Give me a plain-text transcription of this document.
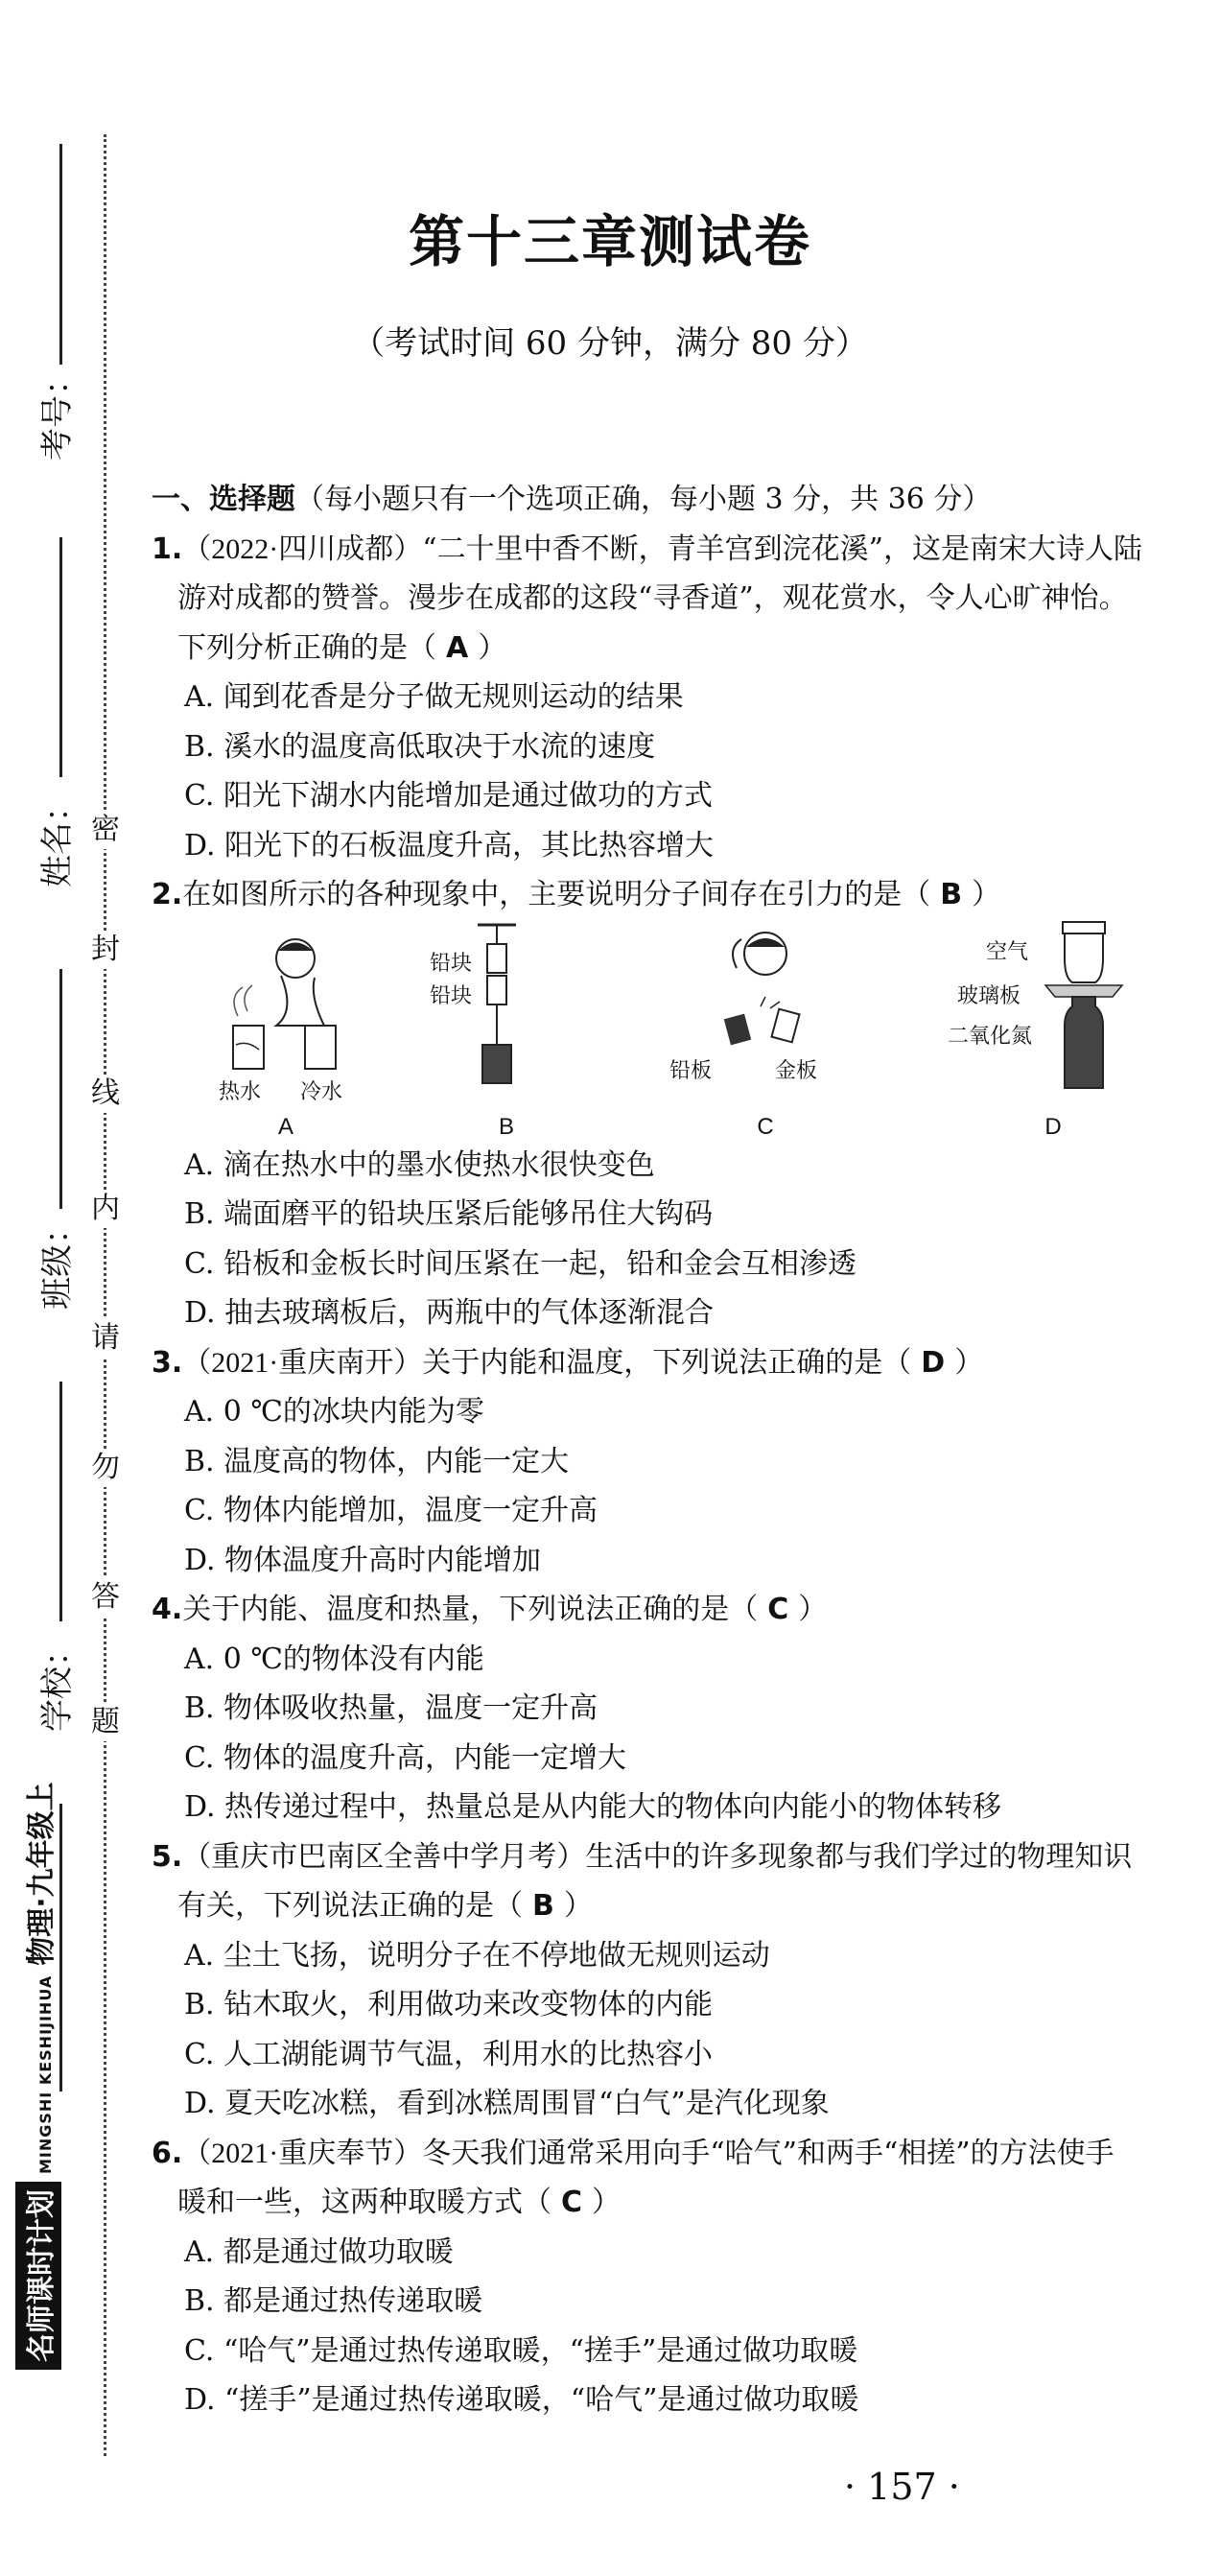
考号：
姓名：
班级：
学校：
密
封
线
内
请
勿
答
题
名师课时计划MINGSHI KESHIJIHUA物理·九年级上
第十三章测试卷
（考试时间 60 分钟，满分 80 分）
一、选择题（每小题只有一个选项正确，每小题 3 分，共 36 分）
1.（2022·四川成都）“二十里中香不断，青羊宫到浣花溪”，这是南宋大诗人陆
游对成都的赞誉。漫步在成都的这段“寻香道”，观花赏水，令人心旷神怡。
下列分析正确的是（ A ）
A. 闻到花香是分子做无规则运动的结果
B. 溪水的温度高低取决于水流的速度
C. 阳光下湖水内能增加是通过做功的方式
D. 阳光下的石板温度升高，其比热容增大
2.在如图所示的各种现象中，主要说明分子间存在引力的是（ B ）
热水 冷水
A
铅块
铅块
B
铅板	金板
C
空气
玻璃板
二氧化氮
D
A. 滴在热水中的墨水使热水很快变色
B. 端面磨平的铅块压紧后能够吊住大钩码
C. 铅板和金板长时间压紧在一起，铅和金会互相渗透
D. 抽去玻璃板后，两瓶中的气体逐渐混合
3.（2021·重庆南开）关于内能和温度，下列说法正确的是（ D ）
A. 0 ℃的冰块内能为零
B. 温度高的物体，内能一定大
C. 物体内能增加，温度一定升高
D. 物体温度升高时内能增加
4.关于内能、温度和热量，下列说法正确的是（ C ）
A. 0 ℃的物体没有内能
B. 物体吸收热量，温度一定升高
C. 物体的温度升高，内能一定增大
D. 热传递过程中，热量总是从内能大的物体向内能小的物体转移
5.（重庆市巴南区全善中学月考）生活中的许多现象都与我们学过的物理知识
有关，下列说法正确的是（ B ）
A. 尘土飞扬，说明分子在不停地做无规则运动
B. 钻木取火，利用做功来改变物体的内能
C. 人工湖能调节气温，利用水的比热容小
D. 夏天吃冰糕，看到冰糕周围冒“白气”是汽化现象
6.（2021·重庆奉节）冬天我们通常采用向手“哈气”和两手“相搓”的方法使手
暖和一些，这两种取暖方式（ C ）
A. 都是通过做功取暖
B. 都是通过热传递取暖
C. “哈气”是通过热传递取暖，“搓手”是通过做功取暖
D. “搓手”是通过热传递取暖，“哈气”是通过做功取暖
· 157 ·
